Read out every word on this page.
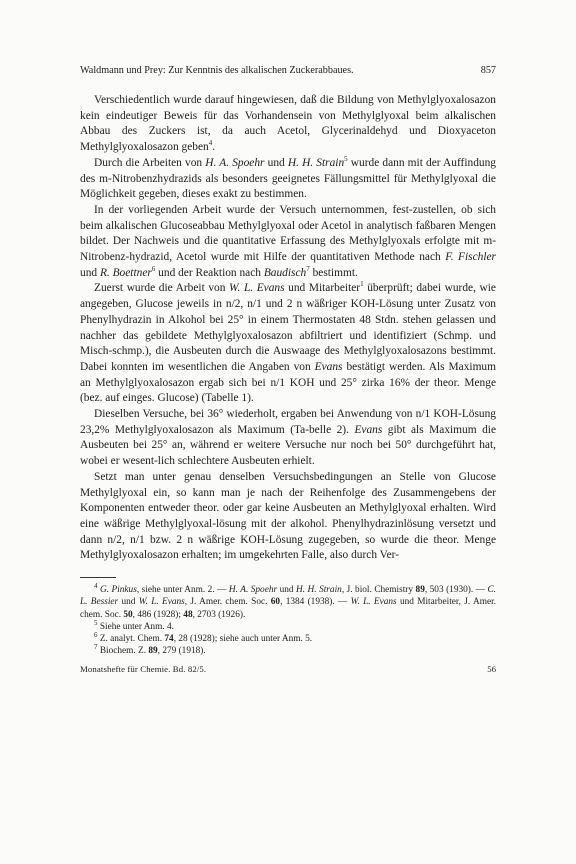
Waldmann und Prey: Zur Kenntnis des alkalischen Zuckerabbaues.	857

Verschiedentlich wurde darauf hingewiesen, daß die Bildung von Methylglyoxalosazon kein eindeutiger Beweis für das Vorhandensein von Methylglyoxal beim alkalischen Abbau des Zuckers ist, da auch Acetol, Glycerinaldehyd und Dioxyaceton Methylglyoxalosazon geben$^4$.

Durch die Arbeiten von H. A. Spoehr und H. H. Strain$^5$ wurde dann mit der Auffindung des m-Nitrobenzhydrazids als besonders geeignetes Fällungsmittel für Methylglyoxal die Möglichkeit gegeben, dieses exakt zu bestimmen.

In der vorliegenden Arbeit wurde der Versuch unternommen, fest-zustellen, ob sich beim alkalischen Glucoseabbau Methylglyoxal oder Acetol in analytisch faßbaren Mengen bildet. Der Nachweis und die quantitative Erfassung des Methylglyoxals erfolgte mit m-Nitrobenz-hydrazid, Acetol wurde mit Hilfe der quantitativen Methode nach F. Fischler und R. Boettner$^6$ und der Reaktion nach Baudisch$^7$ bestimmt.

Zuerst wurde die Arbeit von W. L. Evans und Mitarbeiter$^1$ überprüft; dabei wurde, wie angegeben, Glucose jeweils in n/2, n/1 und 2 n wäßriger KOH-Lösung unter Zusatz von Phenylhydrazin in Alkohol bei 25° in einem Thermostaten 48 Stdn. stehen gelassen und nachher das gebildete Methylglyoxalosazon abfiltriert und identifiziert (Schmp. und Misch-schmp.), die Ausbeuten durch die Auswaage des Methylglyoxalosazons bestimmt. Dabei konnten im wesentlichen die Angaben von Evans bestätigt werden. Als Maximum an Methylglyoxalosazon ergab sich bei n/1 KOH und 25° zirka 16% der theor. Menge (bez. auf einges. Glucose) (Tabelle 1).

Dieselben Versuche, bei 36° wiederholt, ergaben bei Anwendung von n/1 KOH-Lösung 23,2% Methylglyoxalosazon als Maximum (Ta-belle 2). Evans gibt als Maximum die Ausbeuten bei 25° an, während er weitere Versuche nur noch bei 50° durchgeführt hat, wobei er wesent-lich schlechtere Ausbeuten erhielt.

Setzt man unter genau denselben Versuchsbedingungen an Stelle von Glucose Methylglyoxal ein, so kann man je nach der Reihenfolge des Zusammengebens der Komponenten entweder theor. oder gar keine Ausbeuten an Methylglyoxal erhalten. Wird eine wäßrige Methylglyoxal-lösung mit der alkohol. Phenylhydrazinlösung versetzt und dann n/2, n/1 bzw. 2 n wäßrige KOH-Lösung zugegeben, so wurde die theor. Menge Methylglyoxalosazon erhalten; im umgekehrten Falle, also durch Ver-

$^4$ G. Pinkus, siehe unter Anm. 2. — H. A. Spoehr und H. H. Strain, J. biol. Chemistry 89, 503 (1930). — C. L. Bessier und W. L. Evans, J. Amer. chem. Soc. 60, 1384 (1938). — W. L. Evans und Mitarbeiter, J. Amer. chem. Soc. 50, 486 (1928); 48, 2703 (1926).

$^5$ Siehe unter Anm. 4.

$^6$ Z. analyt. Chem. 74, 28 (1928); siehe auch unter Anm. 5.

$^7$ Biochem. Z. 89, 279 (1918).

Monatshefte für Chemie. Bd. 82/5.	56
